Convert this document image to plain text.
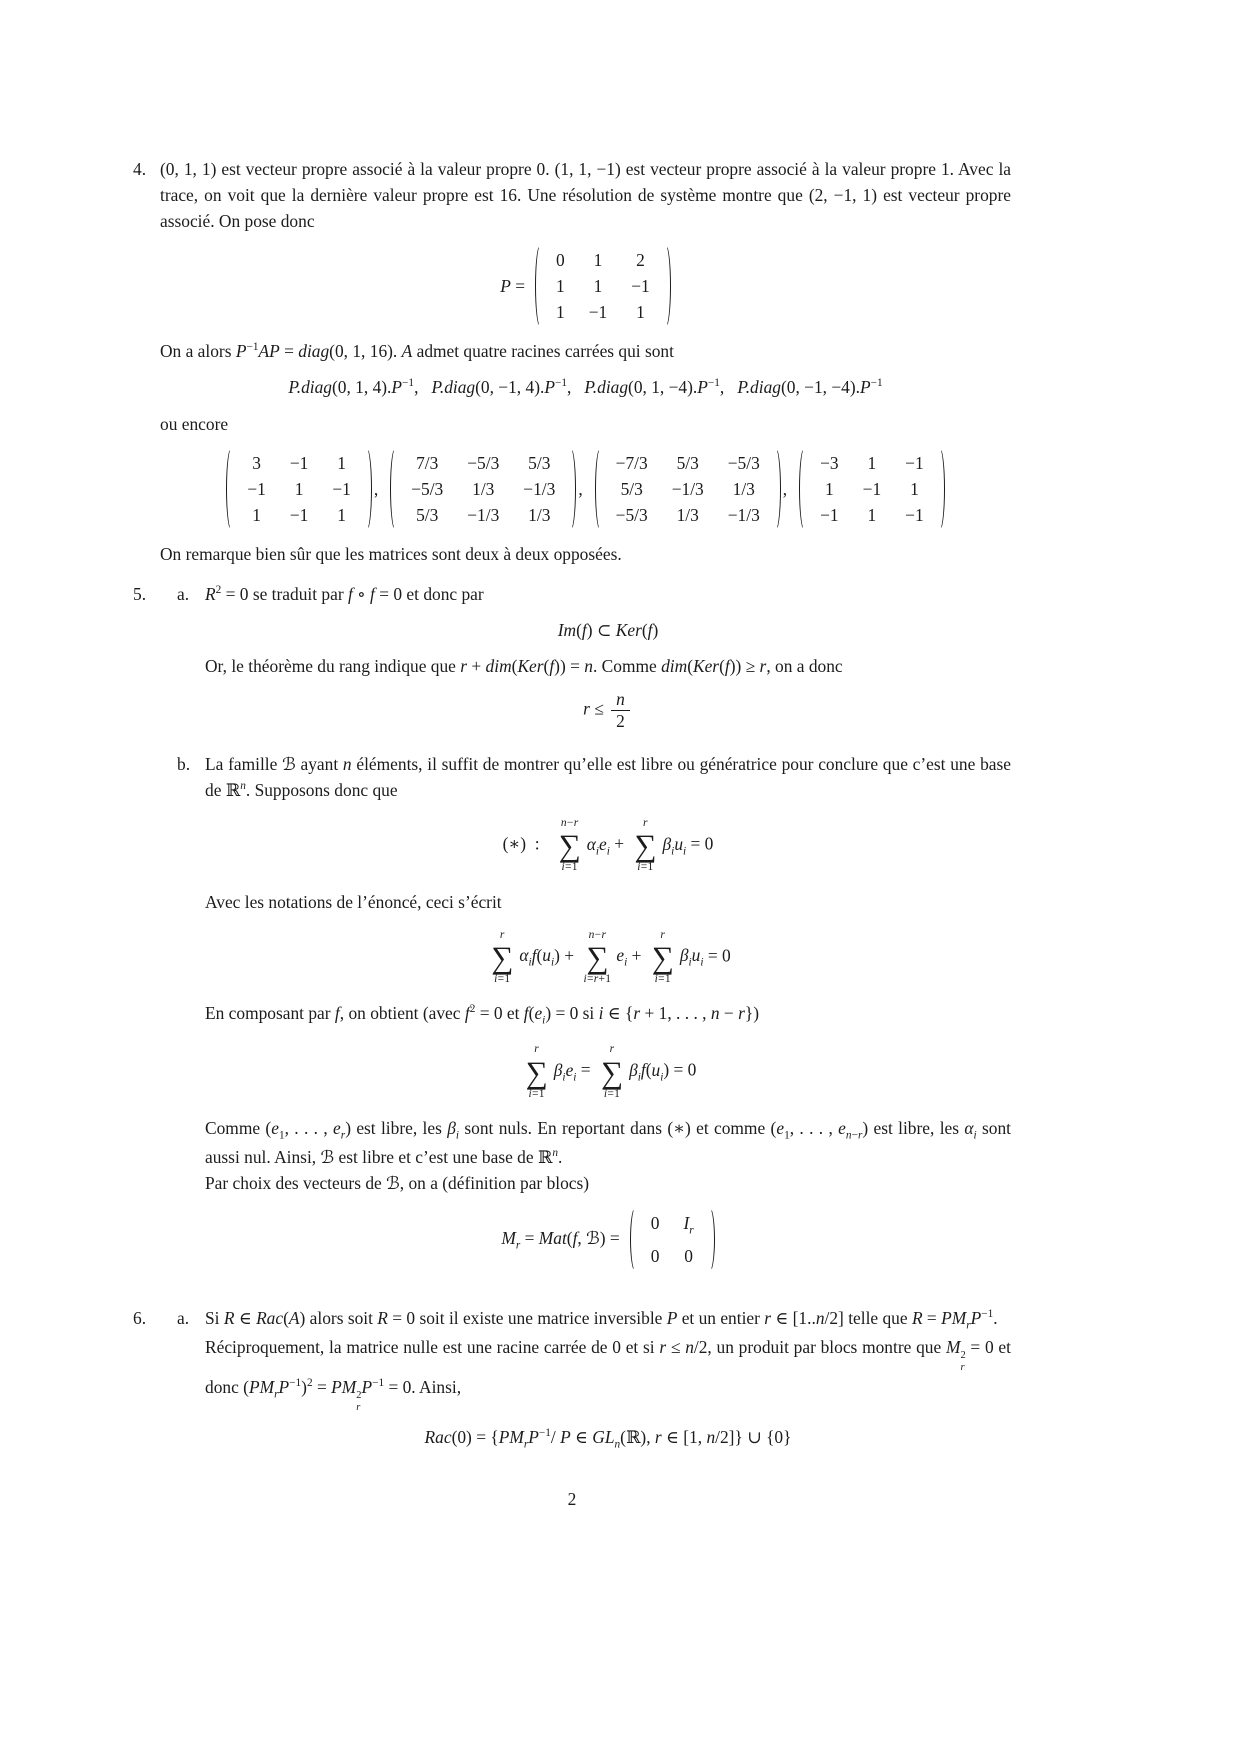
4. (0, 1, 1) est vecteur propre associé à la valeur propre 0. (1, 1, −1) est vecteur propre associé à la valeur propre 1. Avec la trace, on voit que la dernière valeur propre est 16. Une résolution de système montre que (2, −1, 1) est vecteur propre associé. On pose donc

P =
0 1 2
1 1 −1
1 −1 1

On a alors $P^{-1}AP$ = diag(0, 1, 16). A admet quatre racines carrées qui sont

P.diag(0, 1, $4).P^{-1}$,   P.diag(0, −1, $4).P^{-1}$,   P.diag(0, 1, $-4).P^{-1}$,   P.diag(0, −1, $-4).P^{-1}$

ou encore

3 −1 1
−1 1 −1
1 −1 1
,
7/3 −5/3 5/3
−5/3 1/3 −1/3
5/3 −1/3 1/3
,
−7/3 5/3 −5/3
5/3 −1/3 1/3
−5/3 1/3 −1/3
,
−3 1 −1
1 −1 1
−1 1 −1

On remarque bien sûr que les matrices sont deux à deux opposées.

5.	a. $R^2 = 0$ se traduit par f ∘ f = 0 et donc par

Im(f) ⊂ Ker(f)

Or, le théorème du rang indique que r + dim(Ker(f)) = n. Comme dim(Ker(f)) ≥ r, on a donc

$r \le \frac{n}{2}$
b. La famille ℬ ayant n éléments, il suffit de montrer qu’elle est libre ou génératrice pour conclure que c’est une base de ℝ$^n$. Supposons donc que

(∗)  :
n−r
∑
i=1
$\alpha_ie_i$ +
r
∑
i=1
$\beta_iu_i = 0$

Avec les notations de l’énoncé, ceci s’écrit

r
∑
i=1
$\alpha_if(u_i)$ +
n−r
∑
i=r+1
$e_i$ +
r
∑
i=1
$\beta_iu_i = 0$

En composant par f, on obtient (avec $f^2 = 0$ et $f(e_i) = 0$ si i ∈ {r + 1, . . . , n − r})

r
∑
i=1
$\beta_ie_i$ =
r
∑
i=1
$\beta_if(u_i) = 0$

Comme ($e_1$, . . . , $e_r$) est libre, les $\beta_i$ sont nuls. En reportant dans (∗) et comme ($e_1$, . . . , $e_{n-r}$) est libre, les $\alpha_i$ sont aussi nul. Ainsi, ℬ est libre et c’est une base de ℝ$^n$.

Par choix des vecteurs de ℬ, on a (définition par blocs)

$M_r = Mat(f$, ℬ) =
0 $I_r$
0 0
6.	a. Si R ∈ Rac(A) alors soit R = 0 soit il existe une matrice inversible P et un entier r ∈ [1..n/2] telle que $R = PM_rP^{-1}$.

Réciproquement, la matrice nulle est une racine carrée de 0 et si r ≤ n/2, un produit par blocs montre que M 2
r
= 0 et donc $(PM_rP^{-1})^2$ = PM 2
r
$P^{-1} = 0$. Ainsi,

$Rac(0) = \{PM_rP^{-1}/$ P ∈ $GL_n(ℝ)$, r ∈ [1, n/2]} ∪ {0}
2
